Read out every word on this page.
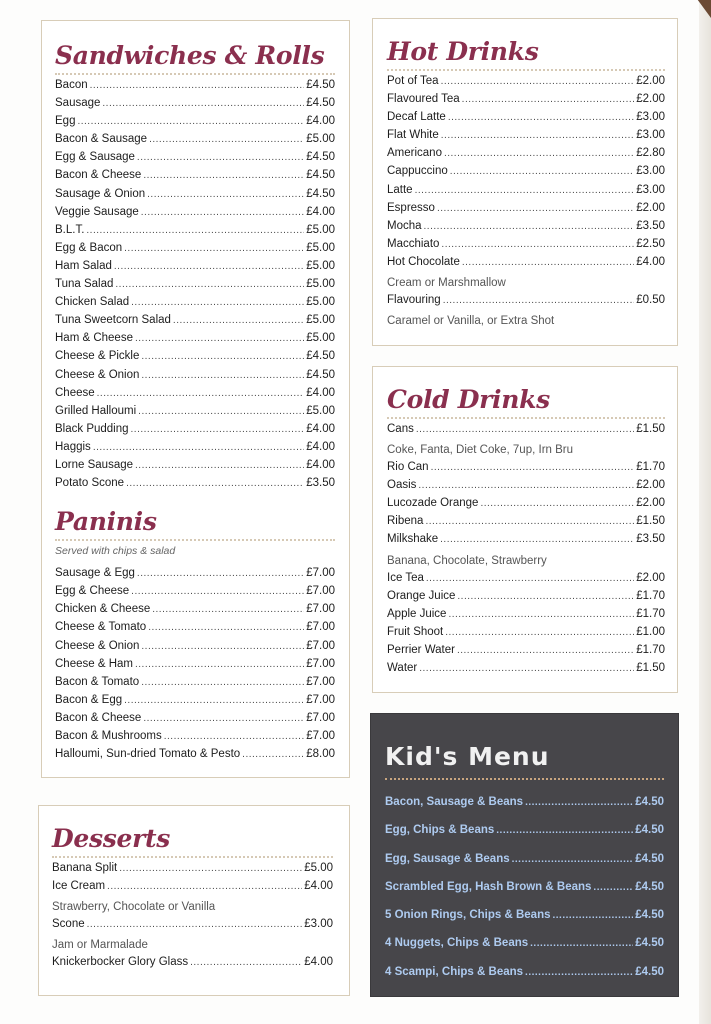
Sandwiches & Rolls
Bacon .....	£4.50
Sausage .....	£4.50
Egg .....	£4.00
Bacon & Sausage .....	£5.00
Egg & Sausage .....	£4.50
Bacon & Cheese .....	£4.50
Sausage & Onion .....	£4.50
Veggie Sausage .....	£4.00
B.L.T. .....	£5.00
Egg & Bacon .....	£5.00
Ham Salad .....	£5.00
Tuna Salad .....	£5.00
Chicken Salad .....	£5.00
Tuna Sweetcorn Salad .....	£5.00
Ham & Cheese .....	£5.00
Cheese & Pickle .....	£4.50
Cheese & Onion .....	£4.50
Cheese .....	£4.00
Grilled Halloumi .....	£5.00
Black Pudding .....	£4.00
Haggis .....	£4.00
Lorne Sausage .....	£4.00
Potato Scone .....	£3.50
Paninis
Served with chips & salad
Sausage & Egg .....	£7.00
Egg & Cheese .....	£7.00
Chicken & Cheese .....	£7.00
Cheese & Tomato .....	£7.00
Cheese & Onion .....	£7.00
Cheese & Ham .....	£7.00
Bacon & Tomato .....	£7.00
Bacon & Egg .....	£7.00
Bacon & Cheese .....	£7.00
Bacon & Mushrooms .....	£7.00
Halloumi, Sun-dried Tomato & Pesto .....	£8.00
Desserts
Banana Split .....	£5.00
Ice Cream .....	£4.00
Strawberry, Chocolate or Vanilla
Scone .....	£3.00
Jam or Marmalade
Knickerbocker Glory Glass .....	£4.00
Hot Drinks
Pot of Tea .....	£2.00
Flavoured Tea .....	£2.00
Decaf Latte .....	£3.00
Flat White .....	£3.00
Americano .....	£2.80
Cappuccino .....	£3.00
Latte .....	£3.00
Espresso .....	£2.00
Mocha .....	£3.50
Macchiato .....	£2.50
Hot Chocolate .....	£4.00
Cream or Marshmallow
Flavouring .....	£0.50
Caramel or Vanilla, or Extra Shot
Cold Drinks
Cans .....	£1.50
Coke, Fanta, Diet Coke, 7up, Irn Bru
Rio Can .....	£1.70
Oasis .....	£2.00
Lucozade Orange .....	£2.00
Ribena .....	£1.50
Milkshake .....	£3.50
Banana, Chocolate, Strawberry
Ice Tea .....	£2.00
Orange Juice .....	£1.70
Apple Juice .....	£1.70
Fruit Shoot .....	£1.00
Perrier Water .....	£1.70
Water .....	£1.50
Kid's Menu
Bacon, Sausage & Beans .....	£4.50
Egg, Chips & Beans .....	£4.50
Egg, Sausage & Beans .....	£4.50
Scrambled Egg, Hash Brown & Beans .....	£4.50
5 Onion Rings, Chips & Beans .....	£4.50
4 Nuggets, Chips & Beans .....	£4.50
4 Scampi, Chips & Beans .....	£4.50
